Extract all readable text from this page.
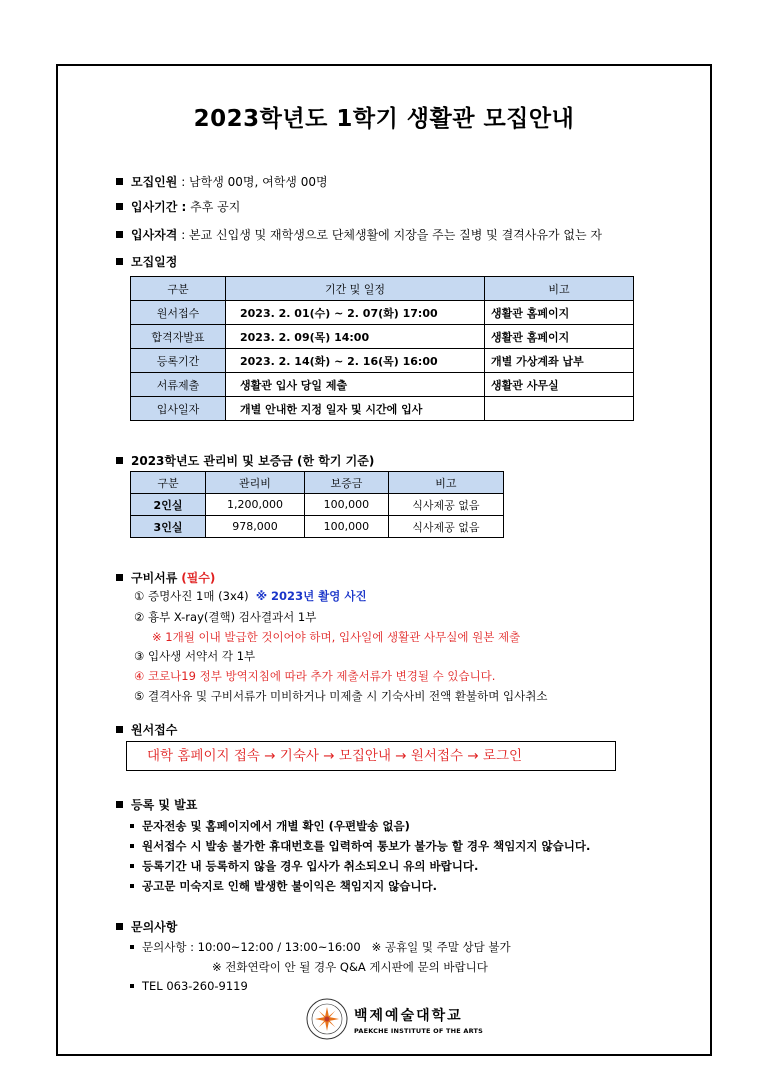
2023학년도 1학기 생활관 모집안내
모집인원 : 남학생 00명, 여학생 00명
입사기간 : 추후 공지
입사자격 : 본교 신입생 및 재학생으로 단체생활에 지장을 주는 질병 및 결격사유가 없는 자
모집일정
구분	기간 및 일정	비고
원서접수	2023. 2. 01(수) ~ 2. 07(화) 17:00	생활관 홈페이지
합격자발표	2023. 2. 09(목) 14:00	생활관 홈페이지
등록기간	2023. 2. 14(화) ~ 2. 16(목) 16:00	개별 가상계좌 납부
서류제출	생활관 입사 당일 제출	생활관 사무실
입사일자	개별 안내한 지정 일자 및 시간에 입사	
2023학년도 관리비 및 보증금 (한 학기 기준)
구분	관리비	보증금	비고
2인실	1,200,000	100,000	식사제공 없음
3인실	978,000	100,000	식사제공 없음
구비서류 (필수)
① 증명사진 1매 (3x4) ※ 2023년 촬영 사진
② 흉부 X-ray(결핵) 검사결과서 1부
※ 1개월 이내 발급한 것이어야 하며, 입사일에 생활관 사무실에 원본 제출
③ 입사생 서약서 각 1부
④ 코로나19 정부 방역지침에 따라 추가 제출서류가 변경될 수 있습니다.
⑤ 결격사유 및 구비서류가 미비하거나 미제출 시 기숙사비 전액 환불하며 입사취소
원서접수
대학 홈페이지 접속 → 기숙사 → 모집안내 → 원서접수 → 로그인
등록 및 발표
문자전송 및 홈페이지에서 개별 확인 (우편발송 없음)
원서접수 시 발송 불가한 휴대번호를 입력하여 통보가 불가능 할 경우 책임지지 않습니다.
등록기간 내 등록하지 않을 경우 입사가 취소되오니 유의 바랍니다.
공고문 미숙지로 인해 발생한 불이익은 책임지지 않습니다.
문의사항
문의사항 : 10:00~12:00 / 13:00~16:00 ※ 공휴일 및 주말 상담 불가
※ 전화연락이 안 될 경우 Q&A 게시판에 문의 바랍니다
TEL 063-260-9119
백제예술대학교
PAEKCHE INSTITUTE OF THE ARTS
